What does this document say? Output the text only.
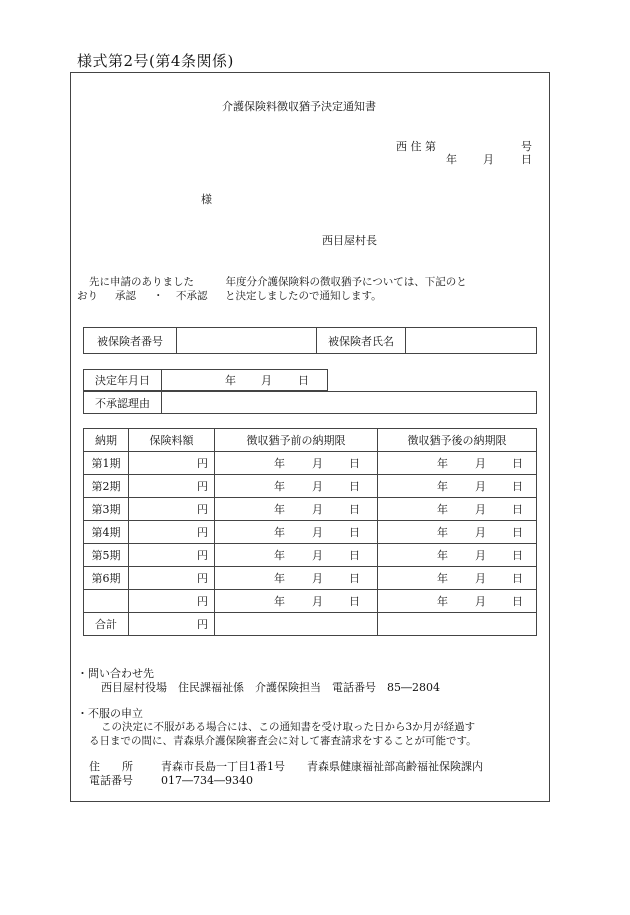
様式第2号(第4条関係)
介護保険料徴収猶予決定通知書
西 住 第	号
年 月 日
様
西目屋村長
先に申請のありました　　　年度分介護保険料の徴収猶予については、下記のと
おり 承認 ・ 不承認 と決定しましたので通知します。
被保険者番号		被保険者氏名	
決定年月日	年 月 日
不承認理由	
納期	保険料額	徴収猶予前の納期限	徴収猶予後の納期限
第1期	円	年 月 日	年 月 日

第2期	円	年 月 日	年 月 日

第3期	円	年 月 日	年 月 日

第4期	円	年 月 日	年 月 日

第5期	円	年 月 日	年 月 日

第6期	円	年 月 日	年 月 日

	円	年 月 日	年 月 日

合計	円		
・問い合わせ先
西目屋村役場　住民課福祉係　介護保険担当　電話番号　85―2804
・不服の申立
この決定に不服がある場合には、この通知書を受け取った日から3か月が経過す
る日までの間に、青森県介護保険審査会に対して審査請求をすることが可能です。
住　　所	青森市長島一丁目1番1号　　青森県健康福祉部高齢福祉保険課内
電話番号	017―734―9340
